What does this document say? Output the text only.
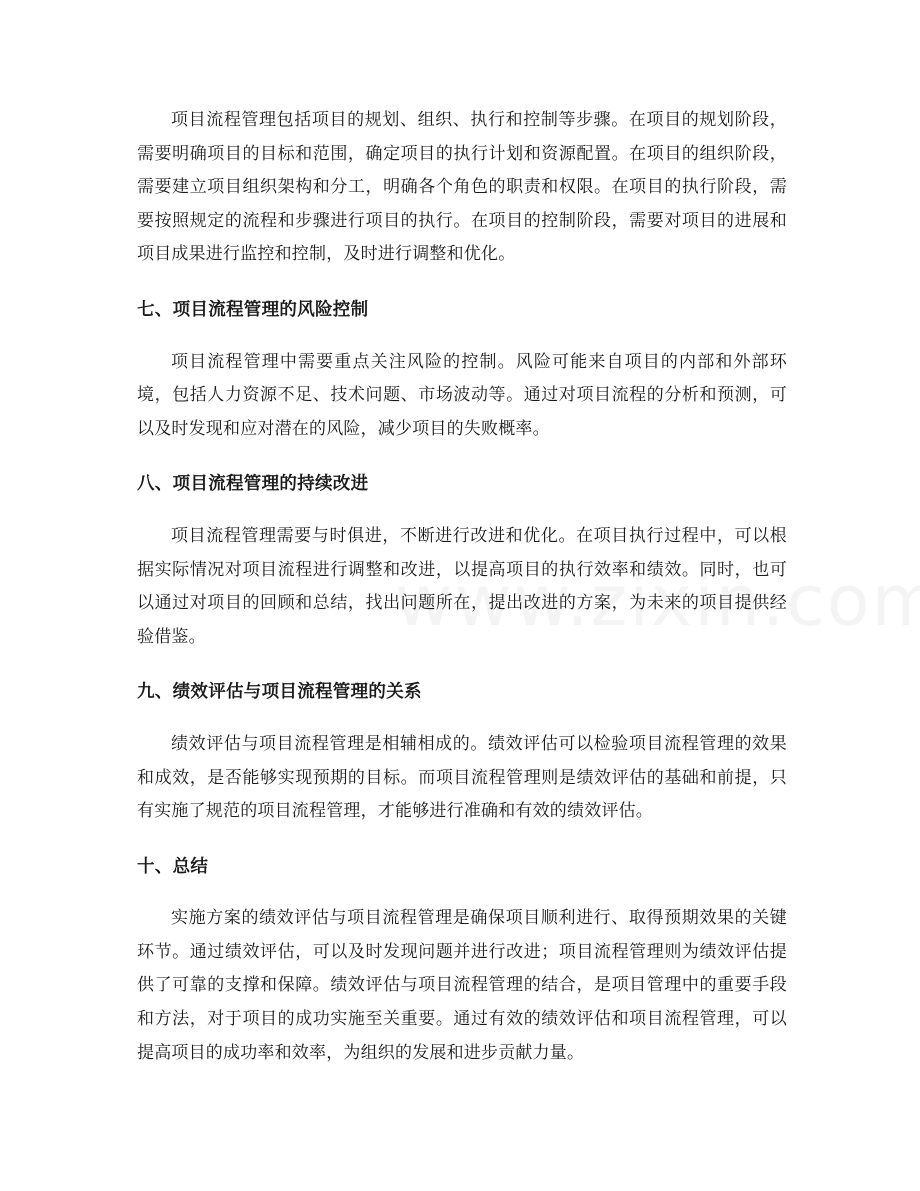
项目流程管理包括项目的规划、组织、执行和控制等步骤。在项目的规划阶段，需要明确项目的目标和范围，确定项目的执行计划和资源配置。在项目的组织阶段，需要建立项目组织架构和分工，明确各个角色的职责和权限。在项目的执行阶段，需要按照规定的流程和步骤进行项目的执行。在项目的控制阶段，需要对项目的进展和项目成果进行监控和控制，及时进行调整和优化。

七、项目流程管理的风险控制

项目流程管理中需要重点关注风险的控制。风险可能来自项目的内部和外部环境，包括人力资源不足、技术问题、市场波动等。通过对项目流程的分析和预测，可以及时发现和应对潜在的风险，减少项目的失败概率。

八、项目流程管理的持续改进

项目流程管理需要与时俱进，不断进行改进和优化。在项目执行过程中，可以根据实际情况对项目流程进行调整和改进，以提高项目的执行效率和绩效。同时，也可以通过对项目的回顾和总结，找出问题所在，提出改进的方案，为未来的项目提供经验借鉴。

九、绩效评估与项目流程管理的关系

绩效评估与项目流程管理是相辅相成的。绩效评估可以检验项目流程管理的效果和成效，是否能够实现预期的目标。而项目流程管理则是绩效评估的基础和前提，只有实施了规范的项目流程管理，才能够进行准确和有效的绩效评估。

十、总结

实施方案的绩效评估与项目流程管理是确保项目顺利进行、取得预期效果的关键环节。通过绩效评估，可以及时发现问题并进行改进；项目流程管理则为绩效评估提供了可靠的支撑和保障。绩效评估与项目流程管理的结合，是项目管理中的重要手段和方法，对于项目的成功实施至关重要。通过有效的绩效评估和项目流程管理，可以提高项目的成功率和效率，为组织的发展和进步贡献力量。
